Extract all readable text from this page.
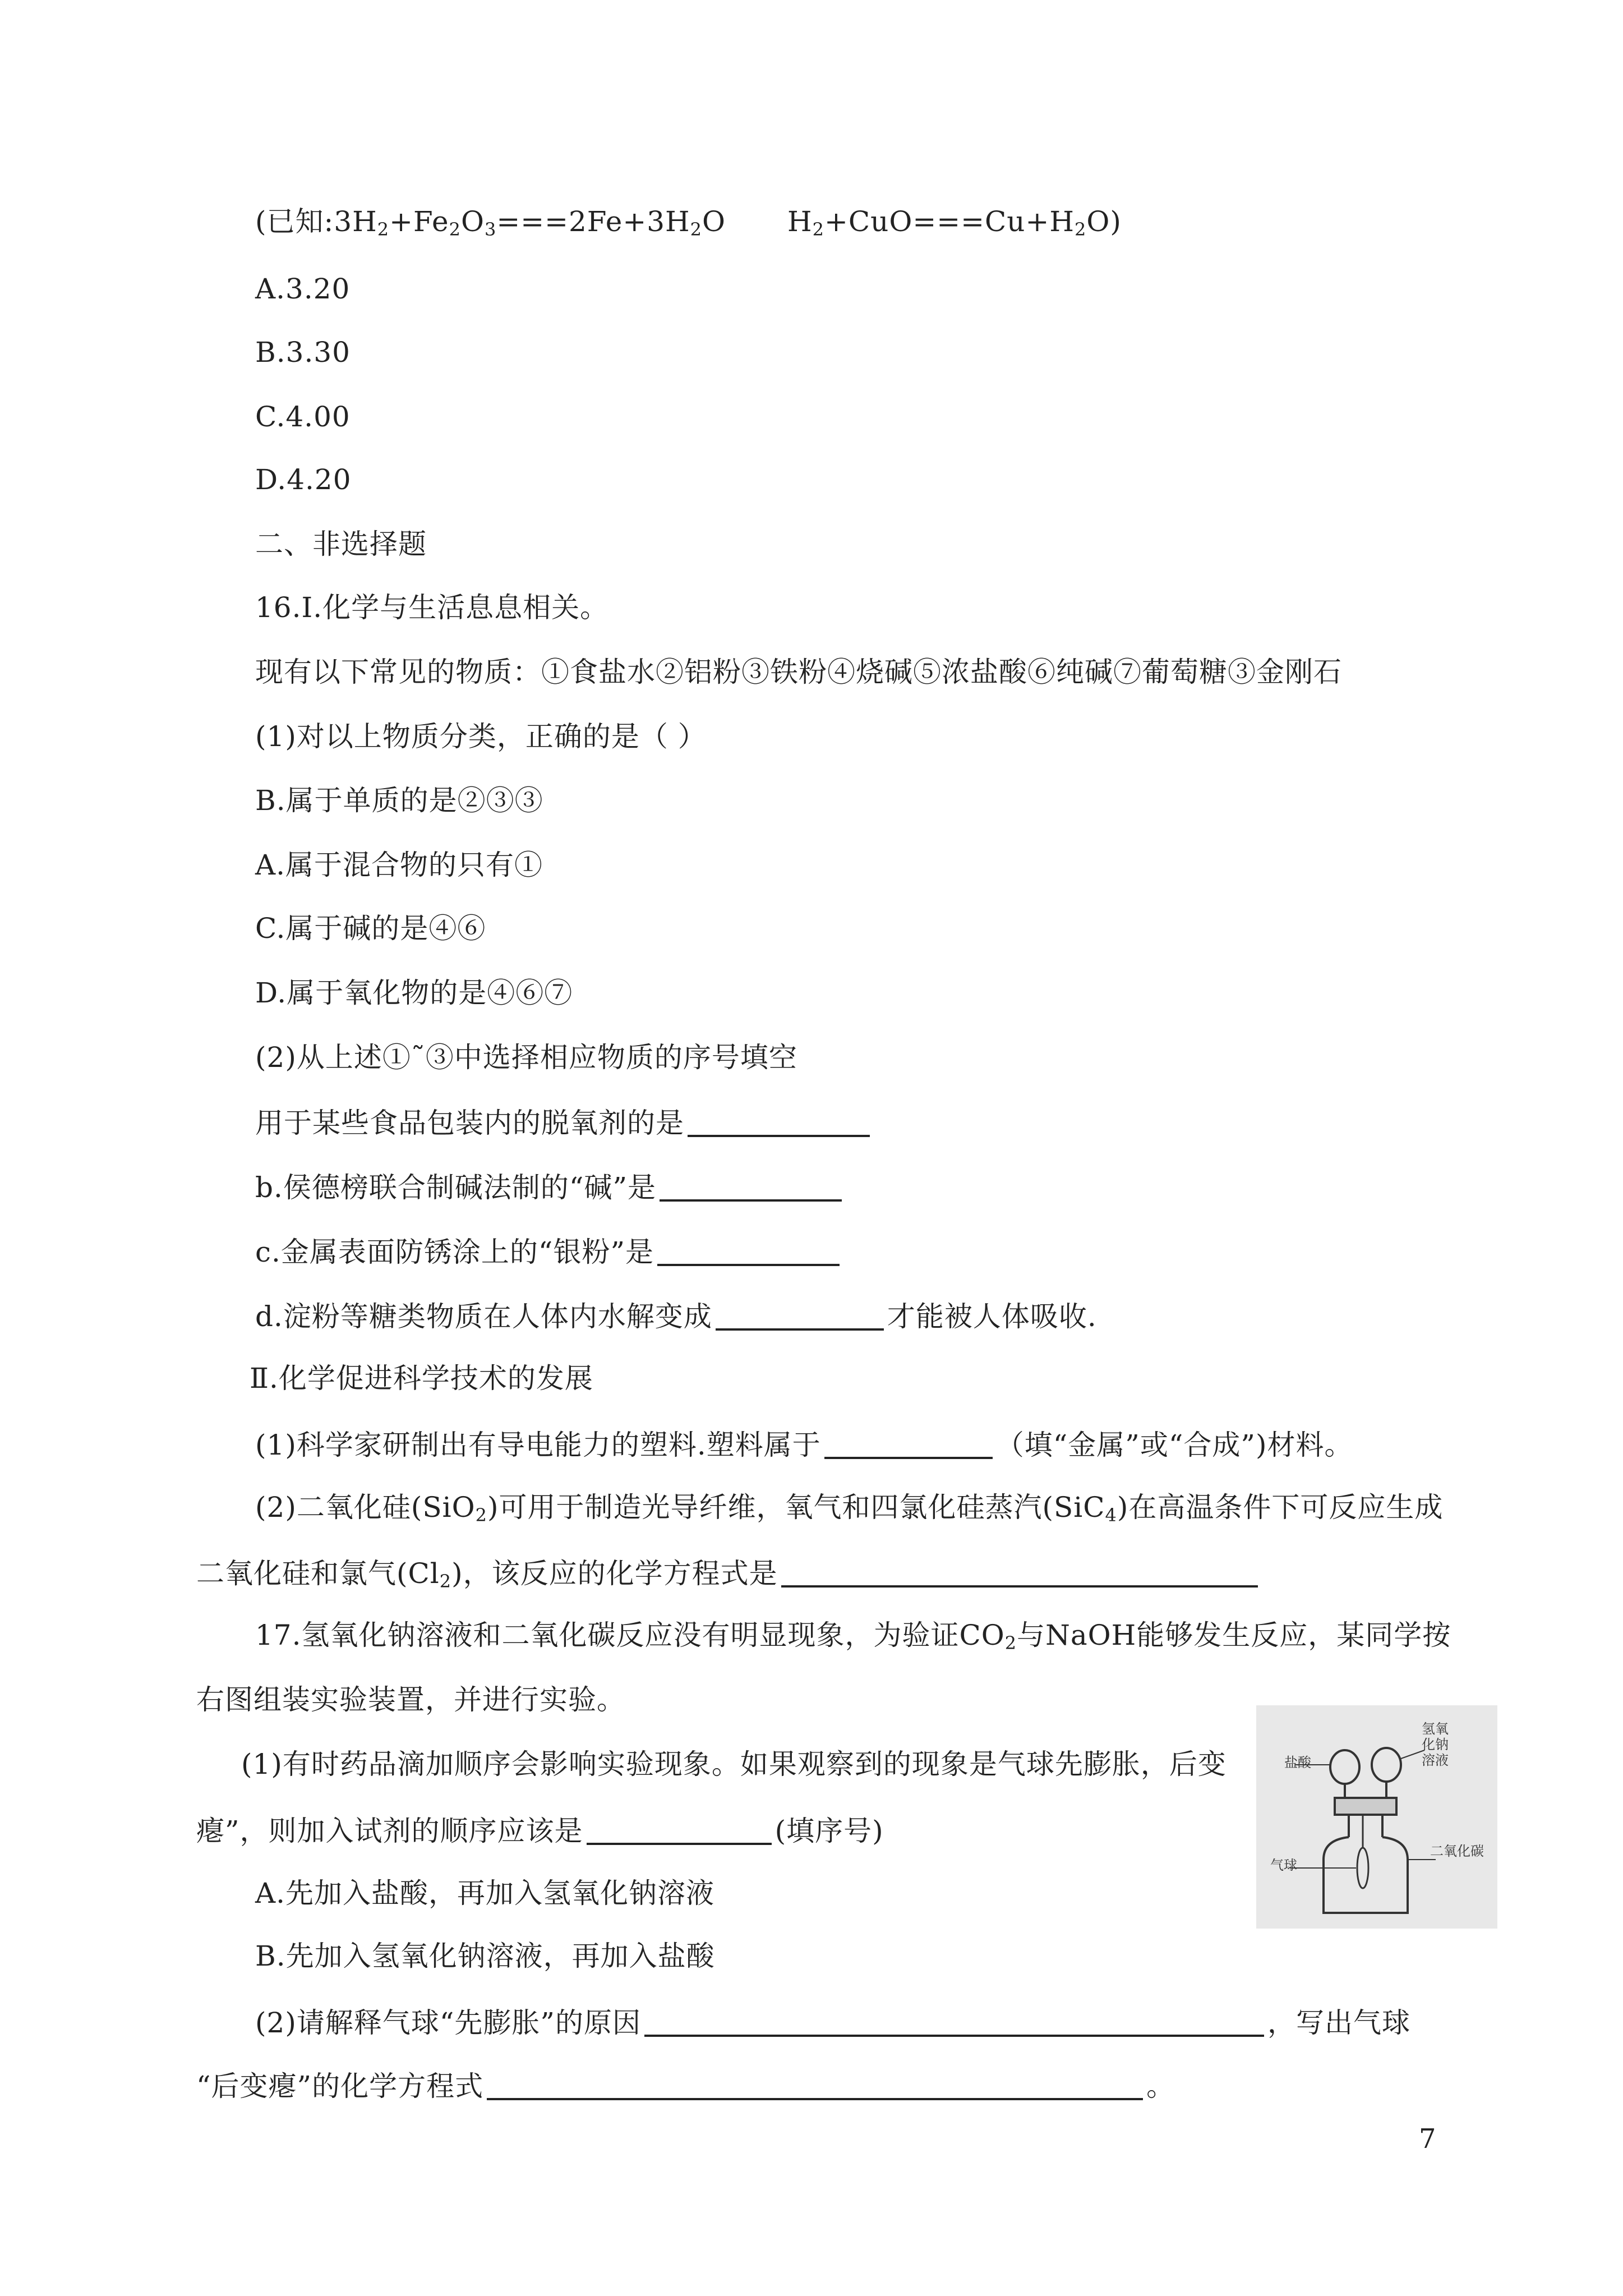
(已知$:3H_2+Fe_2O_3===2Fe+3H_2O$ $H_2+CuO===Cu+H_2O$)
A.3.20
B.3.30
C.4.00
D.4.20
二、非选择题
16.I.化学与生活息息相关。
现有以下常见的物质：①食盐水②铝粉③铁粉④烧碱⑤浓盐酸⑥纯碱⑦葡萄糖③金刚石
(1)对以上物质分类，正确的是（ ）
B.属于单质的是②③③
A.属于混合物的只有①
C.属于碱的是④⑥
D.属于氧化物的是④⑥⑦
(2)从上述①˜③中选择相应物质的序号填空
用于某些食品包装内的脱氧剂的是
b.侯德榜联合制碱法制的“碱”是
c.金属表面防锈涂上的“银粉”是
d.淀粉等糖类物质在人体内水解变成	才能被人体吸收.
Ⅱ.化学促进科学技术的发展
(1)科学家研制出有导电能力的塑料.塑料属于	（填“金属”或“合成”)材料。
(2)二氧化硅(SiO$_2$)可用于制造光导纤维，氧气和四氯化硅蒸汽(SiC$_4$)在高温条件下可反应生成
二氧化硅和氯气$(Cl_2)$，该反应的化学方程式是
17.氢氧化钠溶液和二氧化碳反应没有明显现象，为验证$CO_2$与NaOH能够发生反应，某同学按
右图组装实验装置，并进行实验。
(1)有时药品滴加顺序会影响实验现象。如果观察到的现象是气球先膨胀，后变
瘪”，则加入试剂的顺序应该是	(填序号)
A.先加入盐酸，再加入氢氧化钠溶液
B.先加入氢氧化钠溶液，再加入盐酸
(2)请解释气球“先膨胀”的原因	，写出气球
“后变瘪”的化学方程式	。
盐酸
氢氧
化钠
溶液
二氧化碳
气球
7
